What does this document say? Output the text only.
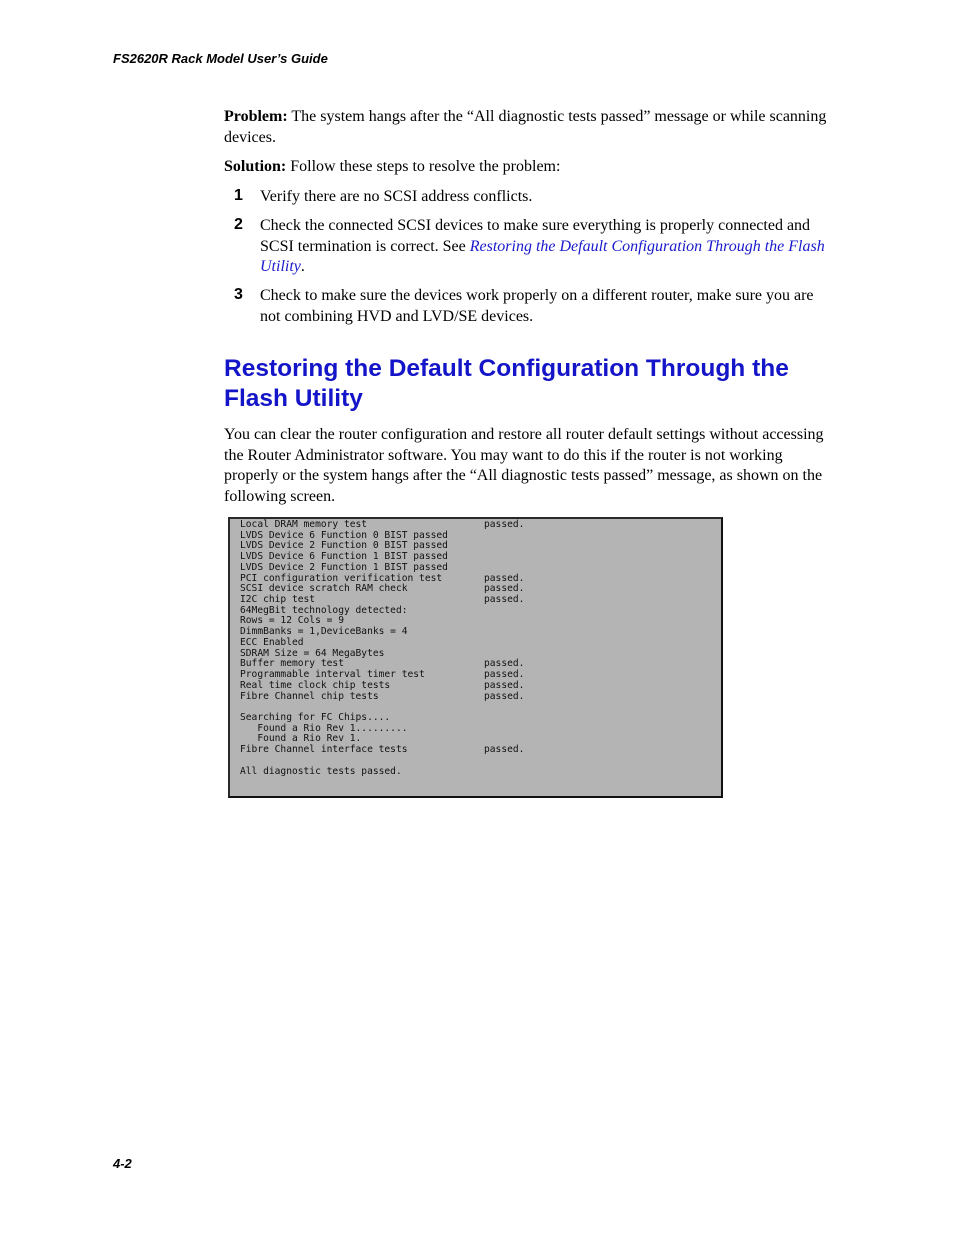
FS2620R Rack Model User’s Guide
Problem: The system hangs after the “All diagnostic tests passed” message or while scanning devices.
Solution: Follow these steps to resolve the problem:
1 Verify there are no SCSI address conflicts.
2 Check the connected SCSI devices to make sure everything is properly connected and SCSI termination is correct. See Restoring the Default Configuration Through the Flash Utility.
3 Check to make sure the devices work properly on a different router, make sure you are not combining HVD and LVD/SE devices.
Restoring the Default Configuration Through the Flash Utility
You can clear the router configuration and restore all router default settings without accessing the Router Administrator software. You may want to do this if the router is not working properly or the system hangs after the “All diagnostic tests passed” message, as shown on the following screen.
Local DRAM memory test	passed.
LVDS Device 6 Function 0 BIST passed
LVDS Device 2 Function 0 BIST passed
LVDS Device 6 Function 1 BIST passed
LVDS Device 2 Function 1 BIST passed
PCI configuration verification test	passed.
SCSI device scratch RAM check	passed.
I2C chip test	passed.
64MegBit technology detected:
Rows = 12 Cols = 9
DimmBanks = 1,DeviceBanks = 4
ECC Enabled
SDRAM Size = 64 MegaBytes
Buffer memory test	passed.
Programmable interval timer test	passed.
Real time clock chip tests	passed.
Fibre Channel chip tests	passed.
Searching for FC Chips....
Found a Rio Rev 1.........
Found a Rio Rev 1.
Fibre Channel interface tests	passed.
All diagnostic tests passed.
4-2
